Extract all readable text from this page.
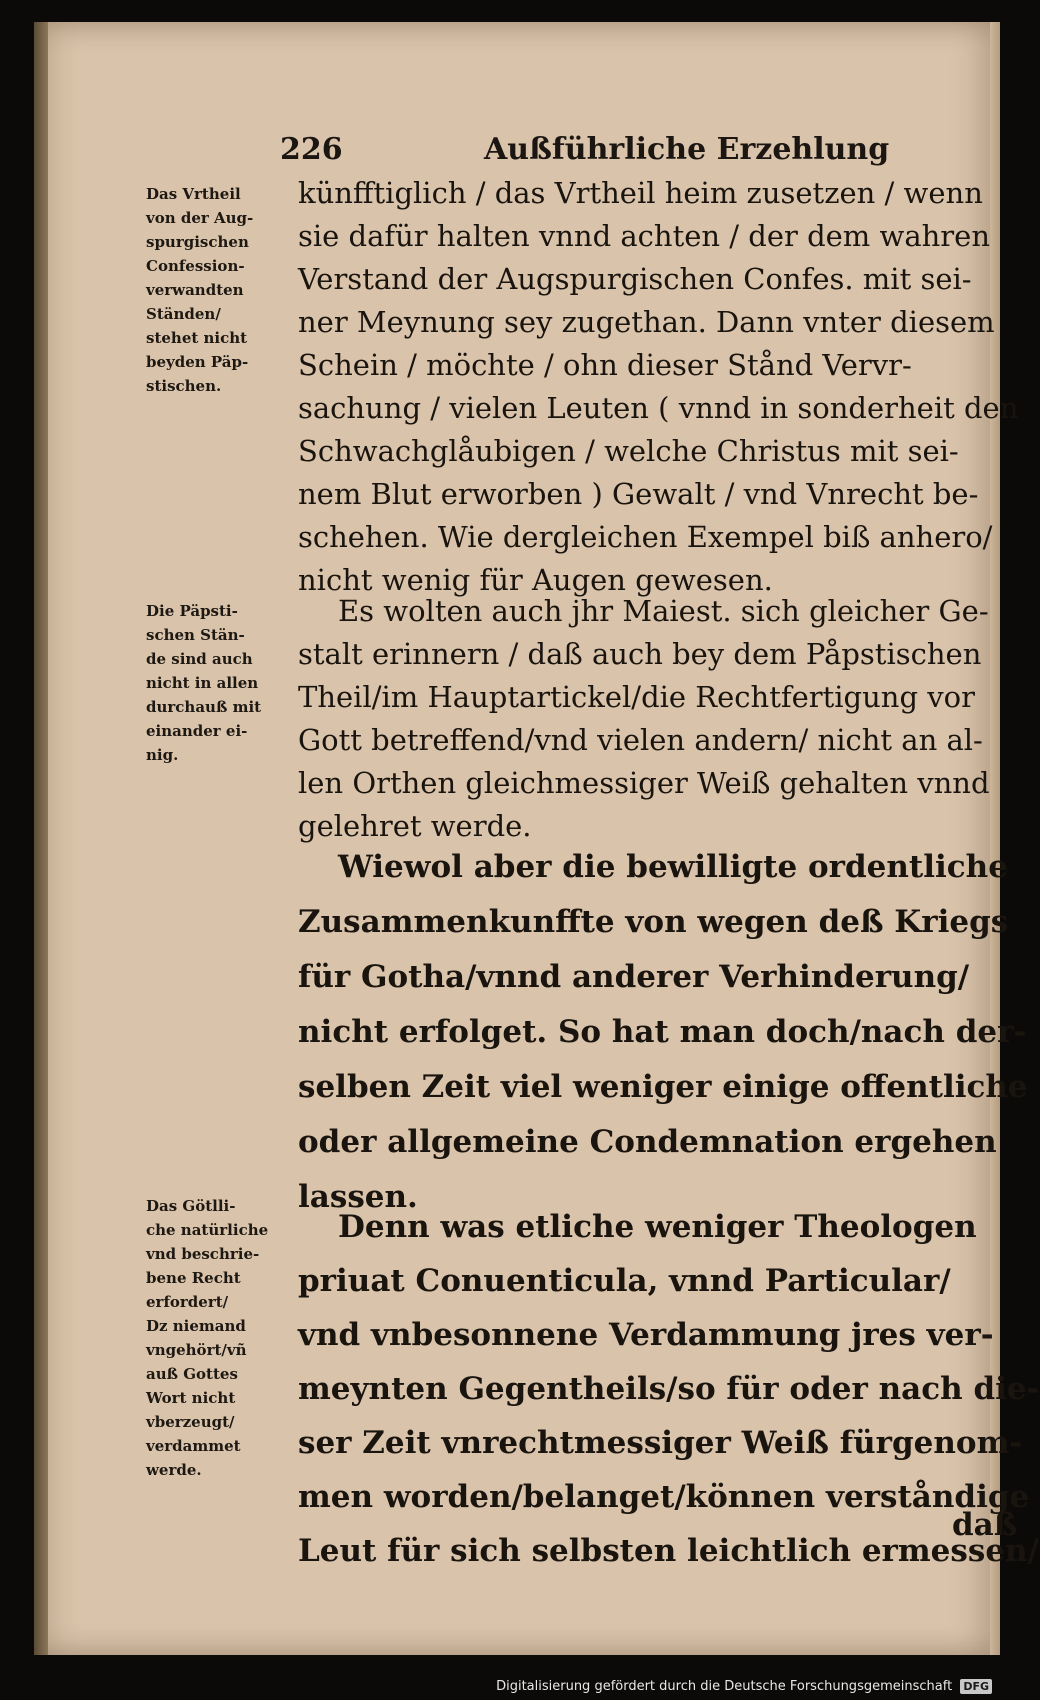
226	Außführliche Erzehlung
Das Vrtheil
von der Aug-
spurgischen
Confession-
verwandten
Ständen/
stehet nicht
beyden Päp-
stischen.
Die Päpsti-
schen Stän-
de sind auch
nicht in allen
durchauß mit
einander ei-
nig.
Das Götlli-
che natürliche
vnd beschrie-
bene Recht
erfordert/
Dz niemand
vngehört/vñ
auß Gottes
Wort nicht
vberzeugt/
verdammet
werde.
künfftiglich / das Vrtheil heim zusetzen / wenn
sie dafür halten vnnd achten / der dem wahren
Verstand der Augspurgischen Confes. mit sei-
ner Meynung sey zugethan. Dann vnter diesem
Schein / möchte / ohn dieser Stånd Vervr-
sachung / vielen Leuten ( vnnd in sonderheit den
Schwachglåubigen / welche Christus mit sei-
nem Blut erworben ) Gewalt / vnd Vnrecht be-
schehen. Wie dergleichen Exempel biß anhero/
nicht wenig für Augen gewesen.
Es wolten auch jhr Maiest. sich gleicher Ge-
stalt erinnern / daß auch bey dem Påpstischen
Theil/im Hauptartickel/die Rechtfertigung vor
Gott betreffend/vnd vielen andern/ nicht an al-
len Orthen gleichmessiger Weiß gehalten vnnd
gelehret werde.
Wiewol aber die bewilligte ordentliche
Zusammenkunffte von wegen deß Kriegs
für Gotha/vnnd anderer Verhinderung/
nicht erfolget. So hat man doch/nach der-
selben Zeit viel weniger einige offentliche
oder allgemeine Condemnation ergehen
lassen.
Denn was etliche weniger Theologen
priuat Conuenticula, vnnd Particular/
vnd vnbesonnene Verdammung jres ver-
meynten Gegentheils/so für oder nach die-
ser Zeit vnrechtmessiger Weiß fürgenom-
men worden/belanget/können verståndige
Leut für sich selbsten leichtlich ermessen/
daß
Digitalisierung gefördert durch die Deutsche Forschungsgemeinschaft DFG
